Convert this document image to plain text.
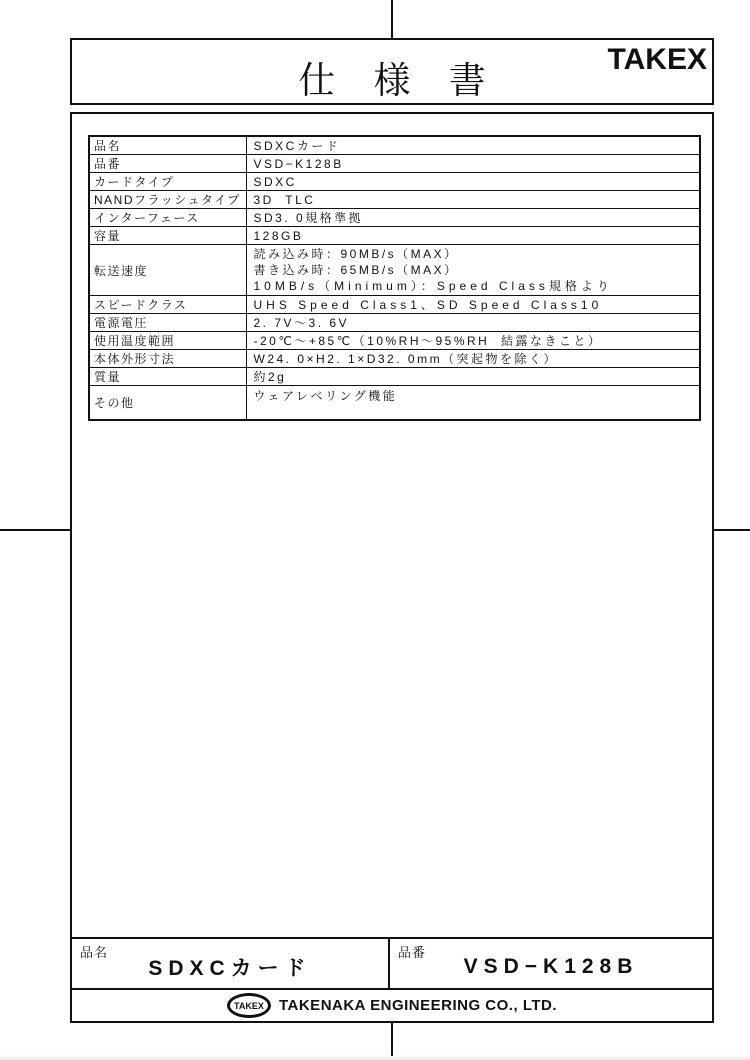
仕 様 書
TAKEX
品名	SDXCカード
品番	VSD−K128B
カードタイプ	SDXC
NANDフラッシュタイプ	3D  TLC
インターフェース	SD3. 0規格準拠
容量	128GB
転送速度	読み込み時：90MB/s（MAX）
書き込み時：65MB/s（MAX）
10MB/s（Minimum）：Speed Class規格より

スピードクラス	UHS Speed Class1、SD Speed Class10
電源電圧	2. 7V～3. 6V
使用温度範囲	-20℃～+85℃（10%RH～95%RH  結露なきこと）
本体外形寸法	W24. 0×H2. 1×D32. 0mm（突起物を除く）
質量	約2g
その他	ウェアレベリング機能
品名
SDXCカード
品番
VSD−K128B
TAKEX TAKENAKA ENGINEERING CO., LTD.
